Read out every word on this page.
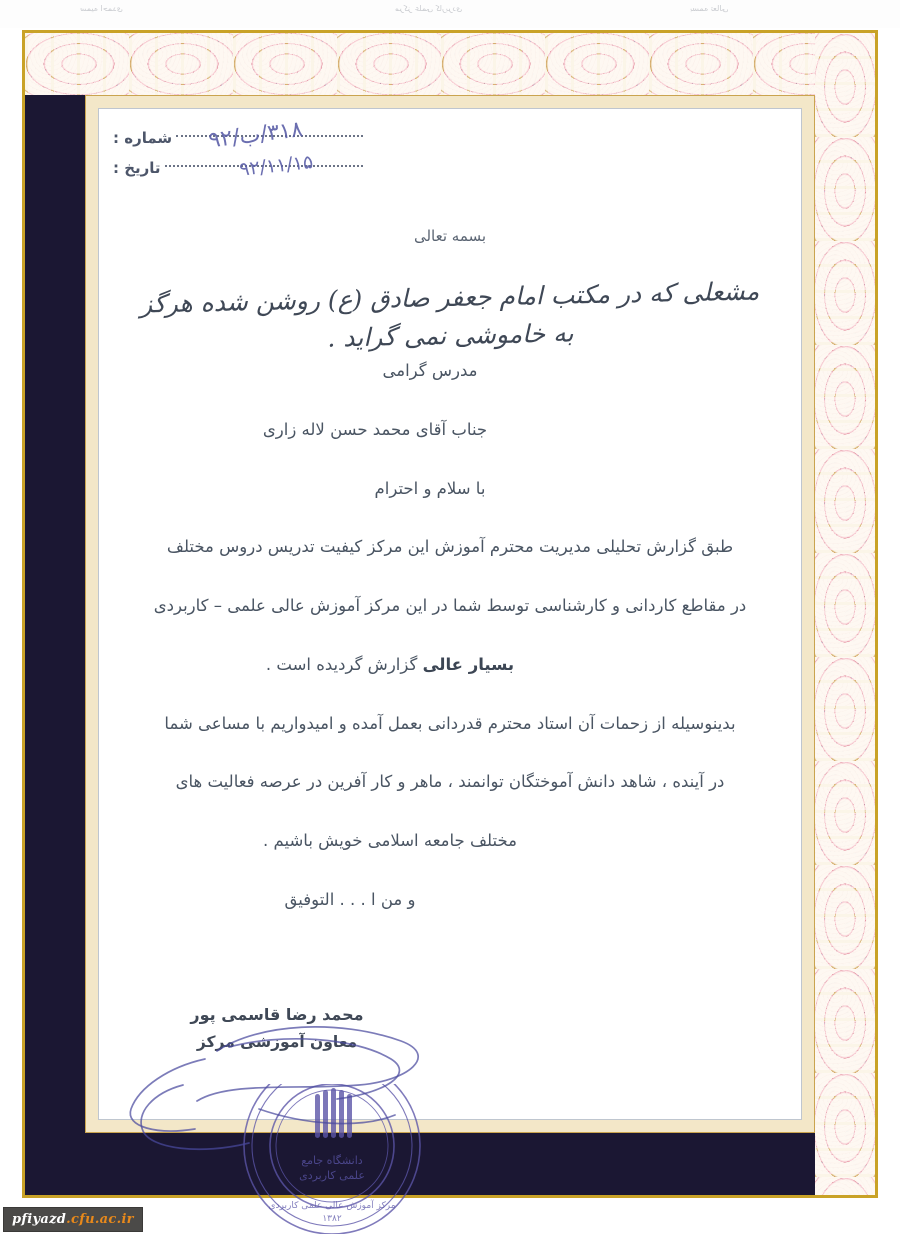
سمیه احمدی	مرکز علمی کاربردی	بسمه تعالی
شماره : ۳۱۸/ب/۹۲
تاریخ :	۹۲/۱۱/۱۵
بسمه تعالی
مشعلی که در مکتب امام جعفر صادق (ع) روشن شده هرگز به خاموشی نمی گراید .

مدرس گرامی

جناب آقای محمد حسن لاله زاری

با سلام و احترام

طبق گزارش تحلیلی مدیریت محترم آموزش این مرکز کیفیت تدریس دروس مختلف

در مقاطع کاردانی و کارشناسی توسط شما در این مرکز آموزش عالی علمی – کاربردی

بسیار عالی گزارش گردیده است .

بدینوسیله از زحمات آن استاد محترم قدردانی بعمل آمده و امیدواریم با مساعی شما

در آینده ، شاهد دانش آموختگان توانمند ، ماهر و کار آفرین در عرصه فعالیت های

مختلف جامعه اسلامی خویش باشیم .

و من ا . . . التوفیق

دانشگاه جامع
علمی کاربردی
مرکز آموزش عالی علمی کاربردی
۱۳۸۲
محمد رضا قاسمی پور
معاون آموزشی مرکز
pfiyazd.cfu.ac.ir
